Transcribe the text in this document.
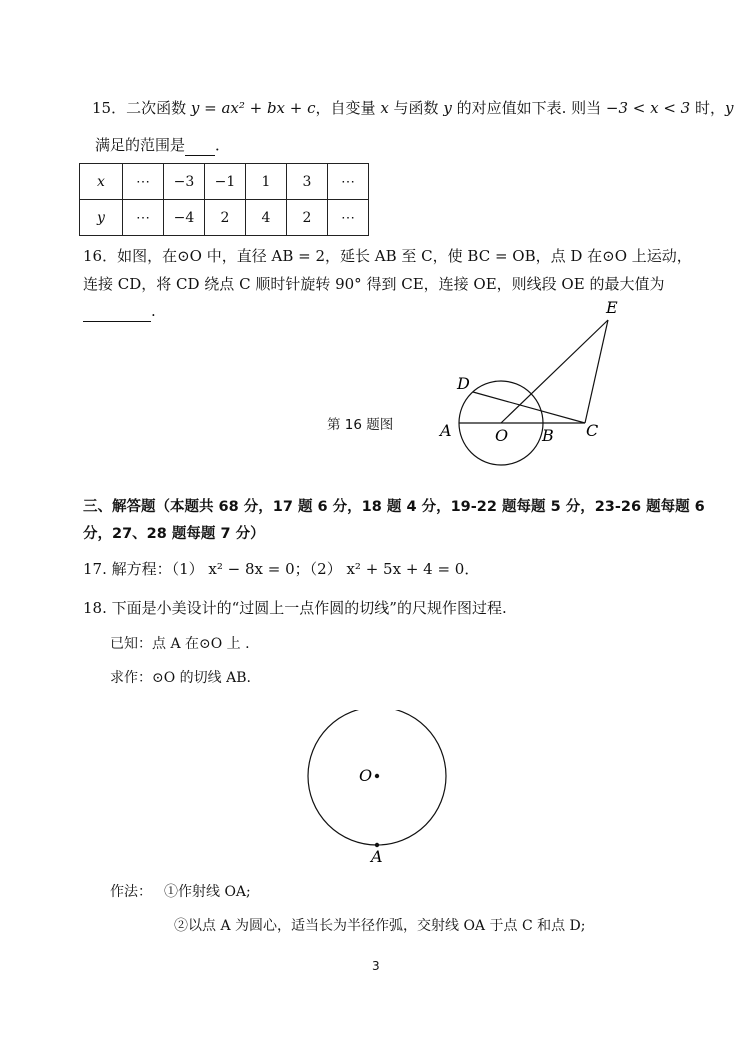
15．二次函数 y = ax² + bx + c，自变量 x 与函数 y 的对应值如下表. 则当 −3 < x < 3 时，y
满足的范围是 ．
x	⋯	−3	−1	1	3	⋯
y	⋯	−4	2	4	2	⋯
16．如图，在⊙O 中，直径 AB = 2，延长 AB 至 C，使 BC = OB，点 D 在⊙O 上运动，
连接 CD，将 CD 绕点 C 顺时针旋转 90° 得到 CE，连接 OE，则线段 OE 的最大值为
.
第 16 题图	A	O B C
D
E
三、解答题（本题共 68 分，17 题 6 分，18 题 4 分，19-22 题每题 5 分，23-26 题每题 6
分，27、28 题每题 7 分）
17. 解方程：（1） x² − 8x = 0；（2） x² + 5x + 4 = 0．
18. 下面是小美设计的“过圆上一点作圆的切线”的尺规作图过程.
已知：点 A 在⊙O 上 .
求作：⊙O 的切线 AB.
O
A
作法： ①作射线 OA;
②以点 A 为圆心，适当长为半径作弧，交射线 OA 于点 C 和点 D;
3
